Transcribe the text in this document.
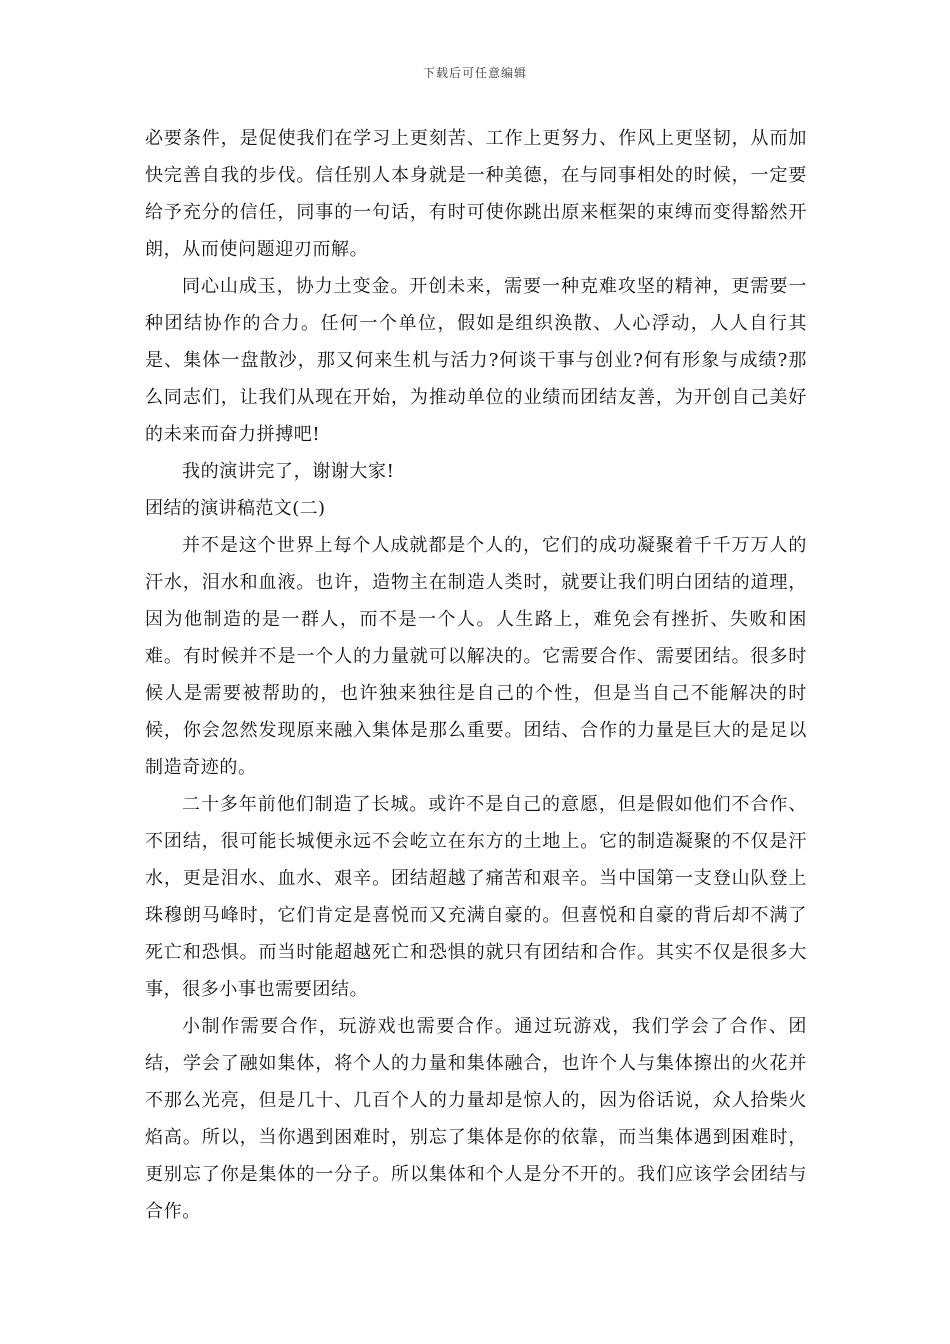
下载后可任意编辑

必要条件，是促使我们在学习上更刻苦、工作上更努力、作风上更坚韧，从而加快完善自我的步伐。信任别人本身就是一种美德，在与同事相处的时候，一定要给予充分的信任，同事的一句话，有时可使你跳出原来框架的束缚而变得豁然开朗，从而使问题迎刃而解。

同心山成玉，协力土变金。开创未来，需要一种克难攻坚的精神，更需要一种团结协作的合力。任何一个单位，假如是组织涣散、人心浮动，人人自行其是、集体一盘散沙，那又何来生机与活力?何谈干事与创业?何有形象与成绩?那么同志们，让我们从现在开始，为推动单位的业绩而团结友善，为开创自己美好的未来而奋力拼搏吧!

我的演讲完了，谢谢大家!

团结的演讲稿范文(二)

并不是这个世界上每个人成就都是个人的，它们的成功凝聚着千千万万人的汗水，泪水和血液。也许，造物主在制造人类时，就要让我们明白团结的道理，因为他制造的是一群人，而不是一个人。人生路上，难免会有挫折、失败和困难。有时候并不是一个人的力量就可以解决的。它需要合作、需要团结。很多时候人是需要被帮助的，也许独来独往是自己的个性，但是当自己不能解决的时候，你会忽然发现原来融入集体是那么重要。团结、合作的力量是巨大的是足以制造奇迹的。

二十多年前他们制造了长城。或许不是自己的意愿，但是假如他们不合作、不团结，很可能长城便永远不会屹立在东方的土地上。它的制造凝聚的不仅是汗水，更是泪水、血水、艰辛。团结超越了痛苦和艰辛。当中国第一支登山队登上珠穆朗马峰时，它们肯定是喜悦而又充满自豪的。但喜悦和自豪的背后却不满了死亡和恐惧。而当时能超越死亡和恐惧的就只有团结和合作。其实不仅是很多大事，很多小事也需要团结。

小制作需要合作，玩游戏也需要合作。通过玩游戏，我们学会了合作、团结，学会了融如集体，将个人的力量和集体融合，也许个人与集体擦出的火花并不那么光亮，但是几十、几百个人的力量却是惊人的，因为俗话说，众人拾柴火焰高。所以，当你遇到困难时，别忘了集体是你的依靠，而当集体遇到困难时，更别忘了你是集体的一分子。所以集体和个人是分不开的。我们应该学会团结与合作。
